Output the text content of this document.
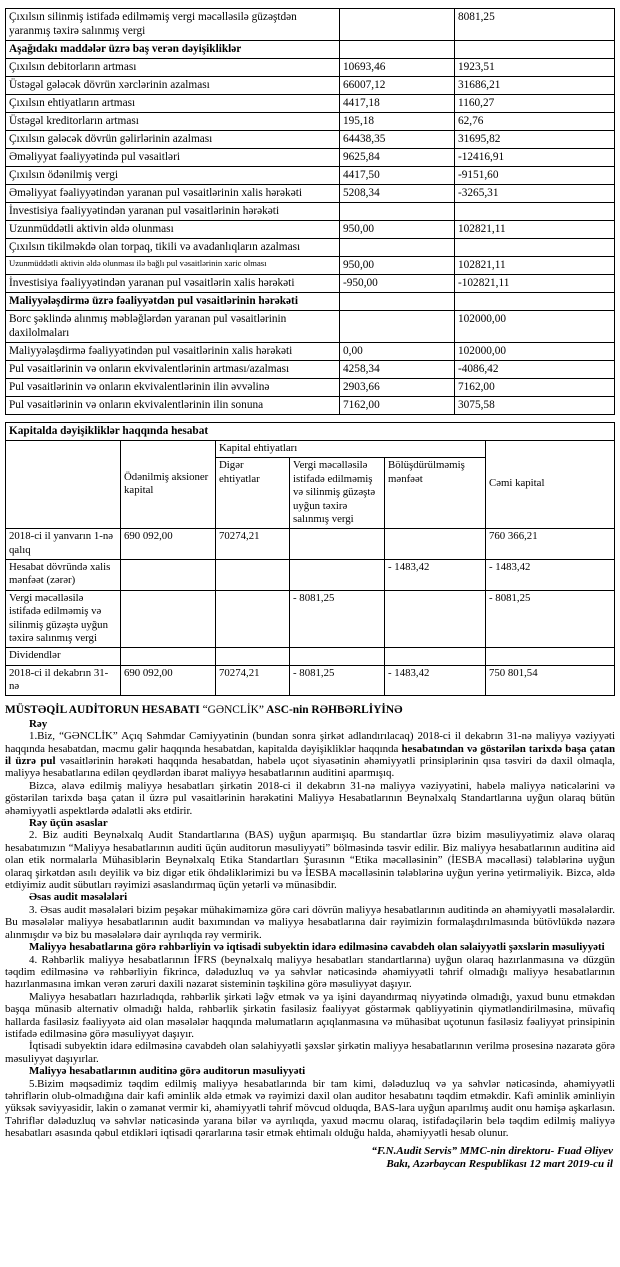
Çıxılsın silinmiş istifadə edilməmiş vergi məcəlləsilə güzəştdən yaranmış təxirə salınmış vergi		8081,25
Aşağıdakı maddələr üzrə baş verən dəyişikliklər		
Çıxılsın debitorların artması	10693,46	1923,51
Üstəgəl gələcək dövrün xərclərinin azalması	66007,12	31686,21
Çıxılsın ehtiyatların artması	4417,18	1160,27
Üstəgəl kreditorların artması	195,18	62,76
Çıxılsın gələcək dövrün gəlirlərinin azalması	64438,35	31695,82
Əməliyyat fəaliyyətində pul vəsaitləri	9625,84	-12416,91
Çıxılsın ödənilmiş vergi	4417,50	-9151,60
Əməliyyat fəaliyyətindən yaranan pul vəsaitlərinin xalis hərəkəti	5208,34	-3265,31
İnvestisiya fəaliyyətindən yaranan pul vəsaitlərinin hərəkəti		
Uzunmüddətli aktivin əldə olunması	950,00	102821,11
Çıxılsın tikilməkdə olan torpaq, tikili və avadanlıqların azalması		
Uzunmüddətli aktivin əldə olunması ilə bağlı pul vəsaitlərinin xaric olması	950,00	102821,11
İnvestisiya fəaliyyətindən yaranan pul vəsaitlərin xalis hərəkəti	-950,00	-102821,11
Maliyyələşdirmə üzrə fəaliyyətdən pul vəsaitlərinin hərəkəti		
Borc şəklində alınmış məbləğlərdən yaranan pul vəsaitlərinin daxilolmaları		102000,00
Maliyyələşdirmə fəaliyyətindən pul vəsaitlərinin xalis hərəkəti	0,00	102000,00
Pul vəsaitlərinin və onların ekvivalentlərinin artması/azalması	4258,34	-4086,42
Pul vəsaitlərinin və onların ekvivalentlərinin ilin əvvəlinə	2903,66	7162,00
Pul vəsaitlərinin və onların ekvivalentlərinin ilin sonuna	7162,00	3075,58
Kapitalda dəyişikliklər haqqında hesabat					
	Ödənilmiş aksioner kapital	Kapital ehtiyatları			Cəmi kapital
		Digər ehtiyatlar	Vergi məcəlləsilə istifadə edilməmiş və silinmiş güzəştə uyğun təxirə salınmış vergi	Bölüşdürülməmiş mənfəət	
2018-ci il yanvarın 1-nə qalıq	690 092,00	70274,21			760 366,21
Hesabat dövründə xalis mənfəət (zərər)				- 1483,42	- 1483,42
Vergi məcəlləsilə istifadə edilməmiş və silinmiş güzəştə uyğun təxirə salınmış vergi			- 8081,25		- 8081,25
Dividendlər					
2018-ci il dekabrın 31-nə	690 092,00	70274,21	- 8081,25	- 1483,42	750 801,54

MÜSTƏQİL AUDİTORUN HESABATI “GƏNCLİK” ASC-nin RƏHBƏRLİYİNƏ

Rəy

1.Biz, “GƏNCLİK” Açıq Səhmdar Cəmiyyətinin (bundan sonra şirkət adlandırılacaq) 2018-ci il dekabrın 31-nə maliyyə vəziyyəti haqqında hesabatdan, məcmu gəlir haqqında hesabatdan, kapitalda dəyişikliklər haqqında hesabatından və göstərilən tarixdə başa çatan il üzrə pul vəsaitlərinin hərəkəti haqqında hesabatdan, habelə uçot siyasətinin əhəmiyyətli prinsiplərinin qısa təsviri də daxil olmaqla, maliyyə hesabatlarına edilən qeydlərdən ibarət maliyyə hesabatlarının auditini aparmışıq.

Bizcə, əlavə edilmiş maliyyə hesabatları şirkətin 2018-ci il dekabrın 31-nə maliyyə vəziyyətini, habelə maliyyə nəticələrini və göstərilən tarixdə başa çatan il üzrə pul vəsaitlərinin hərəkətini Maliyyə Hesabatlarının Beynəlxalq Standartlarına uyğun olaraq bütün əhəmiyyətli aspektlərdə ədalətli əks etdirir.

Rəy üçün əsaslar

2. Biz auditi Beynəlxalq Audit Standartlarına (BAS) uyğun aparmışıq. Bu standartlar üzrə bizim məsuliyyətimiz əlavə olaraq hesabatımızın “Maliyyə hesabatlarının auditi üçün auditorun məsuliyyəti” bölməsində təsvir edilir. Biz maliyyə hesabatlarının auditinə aid olan etik normalarla Mühasiblərin Beynəlxalq Etika Standartları Şurasının “Etika məcəlləsinin” (İESBA məcəlləsi) tələblərinə uyğun olaraq şirkətdən asılı deyilik və biz digər etik öhdəliklərimizi bu və İESBA məcəlləsinin tələblərinə uyğun yerinə yetirməliyik. Bizcə, əldə etdiyimiz audit sübutları rəyimizi əsaslandırmaq üçün yetərli və münasibdir.

Əsas audit məsələləri

3. Əsas audit məsələləri bizim peşəkar mühakiməmizə görə cari dövrün maliyyə hesabatlarının auditində ən əhəmiyyətli məsələlərdir. Bu məsələlər maliyyə hesabatlarının audit baxımından və maliyyə hesabatlarına dair rəyimizin formalaşdırılmasında bütövlükdə nəzərə alınmışdır və biz bu məsələlərə dair ayrılıqda rəy vermirik.

Maliyyə hesabatlarına görə rəhbərliyin və iqtisadi subyektin idarə edilməsinə cavabdeh olan səlaiyyətli şəxslərin məsuliyyəti

4. Rəhbərlik maliyyə hesabatlarının İFRS (beynəlxalq maliyyə hesabatları standartlarına) uyğun olaraq hazırlanmasına və düzgün təqdim edilməsinə və rəhbərliyin fikrincə, dələduzluq və ya səhvlər nəticəsində əhəmiyyətli təhrif olmadığı maliyyə hesabatlarının hazırlanmasına imkan verən zəruri daxili nəzarət sisteminin təşkilinə görə məsuliyyət daşıyır.

Maliyyə hesabatları hazırladıqda, rəhbərlik şirkəti ləğv etmək və ya işini dayandırmaq niyyətində olmadığı, yaxud bunu etməkdən başqa münasib alternativ olmadığı halda, rəhbərlik şirkətin fasiləsiz fəaliyyət göstərmək qabliyyətinin qiymətləndirilməsinə, müvafiq hallarda fasiləsiz fəaliyyətə aid olan məsələlər haqqında məlumatların açıqlanmasına və mühasibat uçotunun fasiləsiz fəaliyyət prinsipinin istifadə edilməsinə görə məsuliyyət daşıyır.

İqtisadi subyektin idarə edilməsinə cavabdeh olan səlahiyyətli şəxslər şirkətin maliyyə hesabatlarının verilmə prosesinə nəzarətə görə məsuliyyət daşıyırlar.

Maliyyə hesabatlarının auditinə görə auditorun məsuliyyəti

5.Bizim məqsədimiz təqdim edilmiş maliyyə hesabatlarında bir tam kimi, dələduzluq və ya səhvlər nəticəsində, əhəmiyyətli təhriflərin olub-olmadığına dair kafi əminlik əldə etmək və rəyimizi daxil olan auditor hesabatını təqdim etməkdir. Kafi əminlik əminliyin yüksək səviyyəsidir, lakin o zəmanət vermir ki, əhəmiyyətli təhrif mövcud olduqda, BAS-lara uyğun aparılmış audit onu həmişə aşkarlasın. Təhriflər dələduzluq və səhvlər nəticəsində yarana bilər və ayrılıqda, yaxud məcmu olaraq, istifadəçilərin belə təqdim edilmiş maliyyə hesabatları əsasında qəbul etdikləri iqtisadi qərarlarına təsir etmək ehtimalı olduğu halda, əhəmiyyətli hesab olunur.

“F.N.Audit Servis” MMC-nin direktoru- Fuad Əliyev
Bakı, Azərbaycan Respublikası 12 mart 2019-cu il
